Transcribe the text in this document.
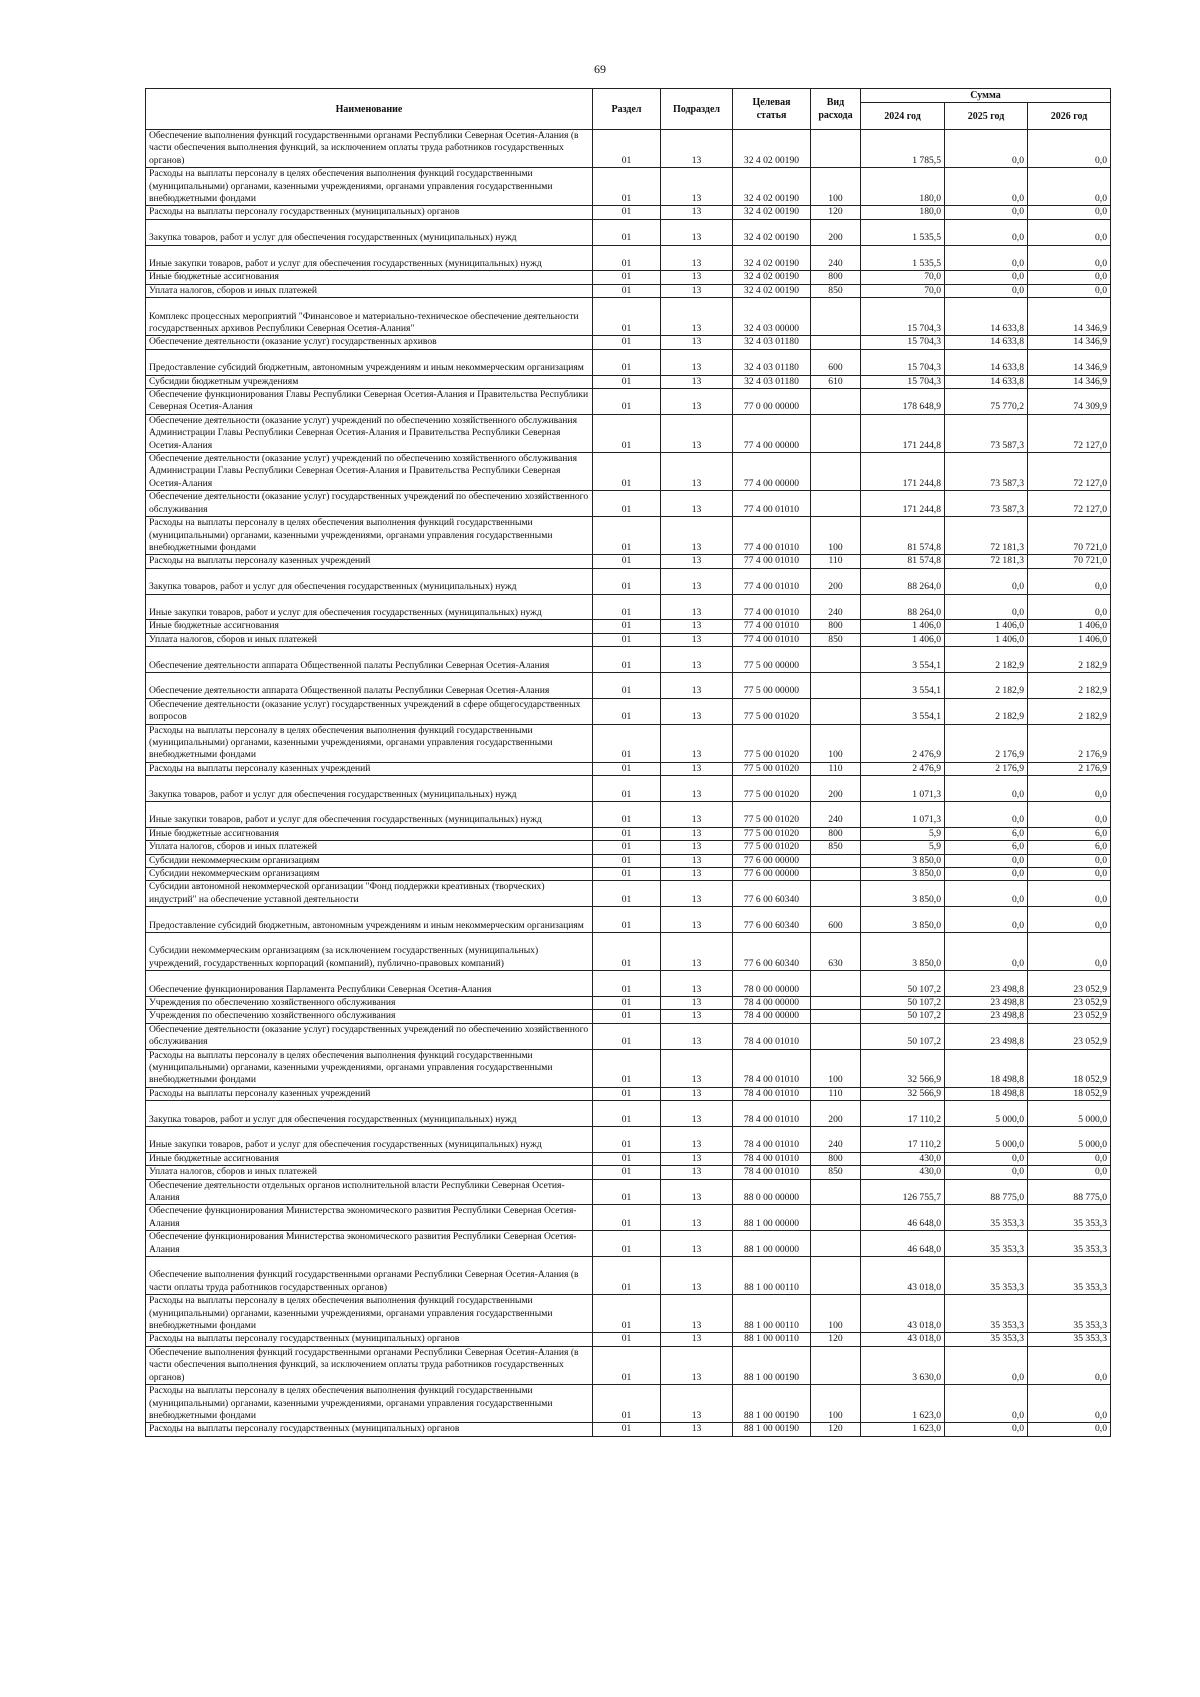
69
Наименование	Раздел	Подраздел	Целевая
статья	Вид
расхода	Сумма		
					2024 год	2025 год	2026 год
Обеспечение выполнения функций государственными органами Республики Северная Осетия-Алания (в части обеспечения выполнения функций, за исключением оплаты труда работников государственных органов)	01	13	32 4 02 00190		1 785,5	0,0	0,0
Расходы на выплаты персоналу в целях обеспечения выполнения функций государственными (муниципальными) органами, казенными учреждениями, органами управления государственными внебюджетными фондами	01	13	32 4 02 00190	100	180,0	0,0	0,0
Расходы на выплаты персоналу государственных (муниципальных) органов	01	13	32 4 02 00190	120	180,0	0,0	0,0
Закупка товаров, работ и услуг для обеспечения государственных (муниципальных) нужд	01	13	32 4 02 00190	200	1 535,5	0,0	0,0
Иные закупки товаров, работ и услуг для обеспечения государственных (муниципальных) нужд	01	13	32 4 02 00190	240	1 535,5	0,0	0,0
Иные бюджетные ассигнования	01	13	32 4 02 00190	800	70,0	0,0	0,0
Уплата налогов, сборов и иных платежей	01	13	32 4 02 00190	850	70,0	0,0	0,0
Комплекс процессных мероприятий "Финансовое и материально-техническое обеспечение деятельности государственных архивов Республики Северная Осетия-Алания"	01	13	32 4 03 00000		15 704,3	14 633,8	14 346,9
Обеспечение деятельности (оказание услуг) государственных архивов	01	13	32 4 03 01180		15 704,3	14 633,8	14 346,9
Предоставление субсидий бюджетным, автономным учреждениям и иным некоммерческим организациям	01	13	32 4 03 01180	600	15 704,3	14 633,8	14 346,9
Субсидии бюджетным учреждениям	01	13	32 4 03 01180	610	15 704,3	14 633,8	14 346,9
Обеспечение функционирования Главы Республики Северная Осетия-Алания и Правительства Республики Северная Осетия-Алания	01	13	77 0 00 00000		178 648,9	75 770,2	74 309,9
Обеспечение деятельности (оказание услуг) учреждений по обеспечению хозяйственного обслуживания Администрации Главы Республики Северная Осетия-Алания и Правительства Республики Северная Осетия-Алания	01	13	77 4 00 00000		171 244,8	73 587,3	72 127,0
Обеспечение деятельности (оказание услуг) учреждений по обеспечению хозяйственного обслуживания Администрации Главы Республики Северная Осетия-Алания и Правительства Республики Северная Осетия-Алания	01	13	77 4 00 00000		171 244,8	73 587,3	72 127,0
Обеспечение деятельности (оказание услуг) государственных учреждений по обеспечению хозяйственного обслуживания	01	13	77 4 00 01010		171 244,8	73 587,3	72 127,0
Расходы на выплаты персоналу в целях обеспечения выполнения функций государственными (муниципальными) органами, казенными учреждениями, органами управления государственными внебюджетными фондами	01	13	77 4 00 01010	100	81 574,8	72 181,3	70 721,0
Расходы на выплаты персоналу казенных учреждений	01	13	77 4 00 01010	110	81 574,8	72 181,3	70 721,0
Закупка товаров, работ и услуг для обеспечения государственных (муниципальных) нужд	01	13	77 4 00 01010	200	88 264,0	0,0	0,0
Иные закупки товаров, работ и услуг для обеспечения государственных (муниципальных) нужд	01	13	77 4 00 01010	240	88 264,0	0,0	0,0
Иные бюджетные ассигнования	01	13	77 4 00 01010	800	1 406,0	1 406,0	1 406,0
Уплата налогов, сборов и иных платежей	01	13	77 4 00 01010	850	1 406,0	1 406,0	1 406,0
Обеспечение деятельности аппарата Общественной палаты Республики Северная Осетия-Алания	01	13	77 5 00 00000		3 554,1	2 182,9	2 182,9
Обеспечение деятельности аппарата Общественной палаты Республики Северная Осетия-Алания	01	13	77 5 00 00000		3 554,1	2 182,9	2 182,9
Обеспечение деятельности (оказание услуг) государственных учреждений в сфере общегосударственных вопросов	01	13	77 5 00 01020		3 554,1	2 182,9	2 182,9
Расходы на выплаты персоналу в целях обеспечения выполнения функций государственными (муниципальными) органами, казенными учреждениями, органами управления государственными внебюджетными фондами	01	13	77 5 00 01020	100	2 476,9	2 176,9	2 176,9
Расходы на выплаты персоналу казенных учреждений	01	13	77 5 00 01020	110	2 476,9	2 176,9	2 176,9
Закупка товаров, работ и услуг для обеспечения государственных (муниципальных) нужд	01	13	77 5 00 01020	200	1 071,3	0,0	0,0
Иные закупки товаров, работ и услуг для обеспечения государственных (муниципальных) нужд	01	13	77 5 00 01020	240	1 071,3	0,0	0,0
Иные бюджетные ассигнования	01	13	77 5 00 01020	800	5,9	6,0	6,0
Уплата налогов, сборов и иных платежей	01	13	77 5 00 01020	850	5,9	6,0	6,0
Субсидии некоммерческим организациям	01	13	77 6 00 00000		3 850,0	0,0	0,0
Субсидии некоммерческим организациям	01	13	77 6 00 00000		3 850,0	0,0	0,0
Субсидии автономной некоммерческой организации "Фонд поддержки креативных (творческих) индустрий" на обеспечение уставной деятельности	01	13	77 6 00 60340		3 850,0	0,0	0,0
Предоставление субсидий бюджетным, автономным учреждениям и иным некоммерческим организациям	01	13	77 6 00 60340	600	3 850,0	0,0	0,0
Субсидии некоммерческим организациям (за исключением государственных (муниципальных) учреждений, государственных корпораций (компаний), публично-правовых компаний)	01	13	77 6 00 60340	630	3 850,0	0,0	0,0
Обеспечение функционирования Парламента Республики Северная Осетия-Алания	01	13	78 0 00 00000		50 107,2	23 498,8	23 052,9
Учреждения по обеспечению хозяйственного обслуживания	01	13	78 4 00 00000		50 107,2	23 498,8	23 052,9
Учреждения по обеспечению хозяйственного обслуживания	01	13	78 4 00 00000		50 107,2	23 498,8	23 052,9
Обеспечение деятельности (оказание услуг) государственных учреждений по обеспечению хозяйственного обслуживания	01	13	78 4 00 01010		50 107,2	23 498,8	23 052,9
Расходы на выплаты персоналу в целях обеспечения выполнения функций государственными (муниципальными) органами, казенными учреждениями, органами управления государственными внебюджетными фондами	01	13	78 4 00 01010	100	32 566,9	18 498,8	18 052,9
Расходы на выплаты персоналу казенных учреждений	01	13	78 4 00 01010	110	32 566,9	18 498,8	18 052,9
Закупка товаров, работ и услуг для обеспечения государственных (муниципальных) нужд	01	13	78 4 00 01010	200	17 110,2	5 000,0	5 000,0
Иные закупки товаров, работ и услуг для обеспечения государственных (муниципальных) нужд	01	13	78 4 00 01010	240	17 110,2	5 000,0	5 000,0
Иные бюджетные ассигнования	01	13	78 4 00 01010	800	430,0	0,0	0,0
Уплата налогов, сборов и иных платежей	01	13	78 4 00 01010	850	430,0	0,0	0,0
Обеспечение деятельности отдельных органов исполнительной власти Республики Северная Осетия-Алания	01	13	88 0 00 00000		126 755,7	88 775,0	88 775,0
Обеспечение функционирования Министерства экономического развития Республики Северная Осетия-Алания	01	13	88 1 00 00000		46 648,0	35 353,3	35 353,3
Обеспечение функционирования Министерства экономического развития Республики Северная Осетия-Алания	01	13	88 1 00 00000		46 648,0	35 353,3	35 353,3
Обеспечение выполнения функций государственными органами Республики Северная Осетия-Алания (в части оплаты труда работников государственных органов)	01	13	88 1 00 00110		43 018,0	35 353,3	35 353,3
Расходы на выплаты персоналу в целях обеспечения выполнения функций государственными (муниципальными) органами, казенными учреждениями, органами управления государственными внебюджетными фондами	01	13	88 1 00 00110	100	43 018,0	35 353,3	35 353,3
Расходы на выплаты персоналу государственных (муниципальных) органов	01	13	88 1 00 00110	120	43 018,0	35 353,3	35 353,3
Обеспечение выполнения функций государственными органами Республики Северная Осетия-Алания (в части обеспечения выполнения функций, за исключением оплаты труда работников государственных органов)	01	13	88 1 00 00190		3 630,0	0,0	0,0
Расходы на выплаты персоналу в целях обеспечения выполнения функций государственными (муниципальными) органами, казенными учреждениями, органами управления государственными внебюджетными фондами	01	13	88 1 00 00190	100	1 623,0	0,0	0,0
Расходы на выплаты персоналу государственных (муниципальных) органов	01	13	88 1 00 00190	120	1 623,0	0,0	0,0
